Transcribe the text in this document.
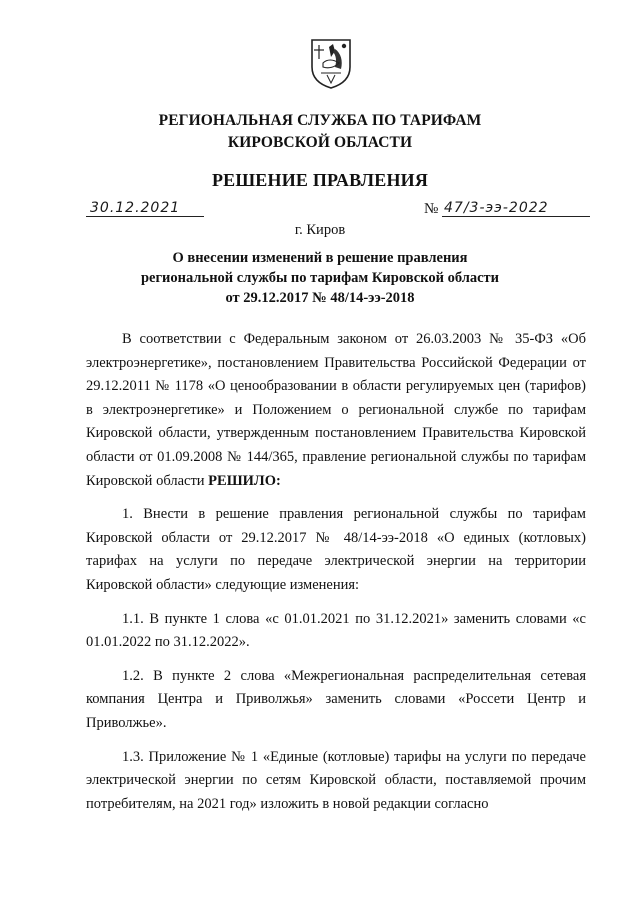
РЕГИОНАЛЬНАЯ СЛУЖБА ПО ТАРИФАМ
КИРОВСКОЙ ОБЛАСТИ
РЕШЕНИЕ ПРАВЛЕНИЯ
30.12.2021	№ 47/3-ээ-2022
г. Киров
О внесении изменений в решение правления
региональной службы по тарифам Кировской области
от 29.12.2017 № 48/14-ээ-2018

В соответствии с Федеральным законом от 26.03.2003 № 35-ФЗ «Об электроэнергетике», постановлением Правительства Российской Федерации от 29.12.2011 № 1178 «О ценообразовании в области регулируемых цен (тарифов) в электроэнергетике» и Положением о региональной службе по тарифам Кировской области, утвержденным постановлением Правительства Кировской области от 01.09.2008 № 144/365, правление региональной службы по тарифам Кировской области РЕШИЛО:

1. Внести в решение правления региональной службы по тарифам Кировской области от 29.12.2017 № 48/14-ээ-2018 «О единых (котловых) тарифах на услуги по передаче электрической энергии на территории Кировской области» следующие изменения:

1.1. В пункте 1 слова «с 01.01.2021 по 31.12.2021» заменить словами «с 01.01.2022 по 31.12.2022».

1.2. В пункте 2 слова «Межрегиональная распределительная сетевая компания Центра и Приволжья» заменить словами «Россети Центр и Приволжье».

1.3. Приложение № 1 «Единые (котловые) тарифы на услуги по передаче электрической энергии по сетям Кировской области, поставляемой прочим потребителям, на 2021 год» изложить в новой редакции согласно
